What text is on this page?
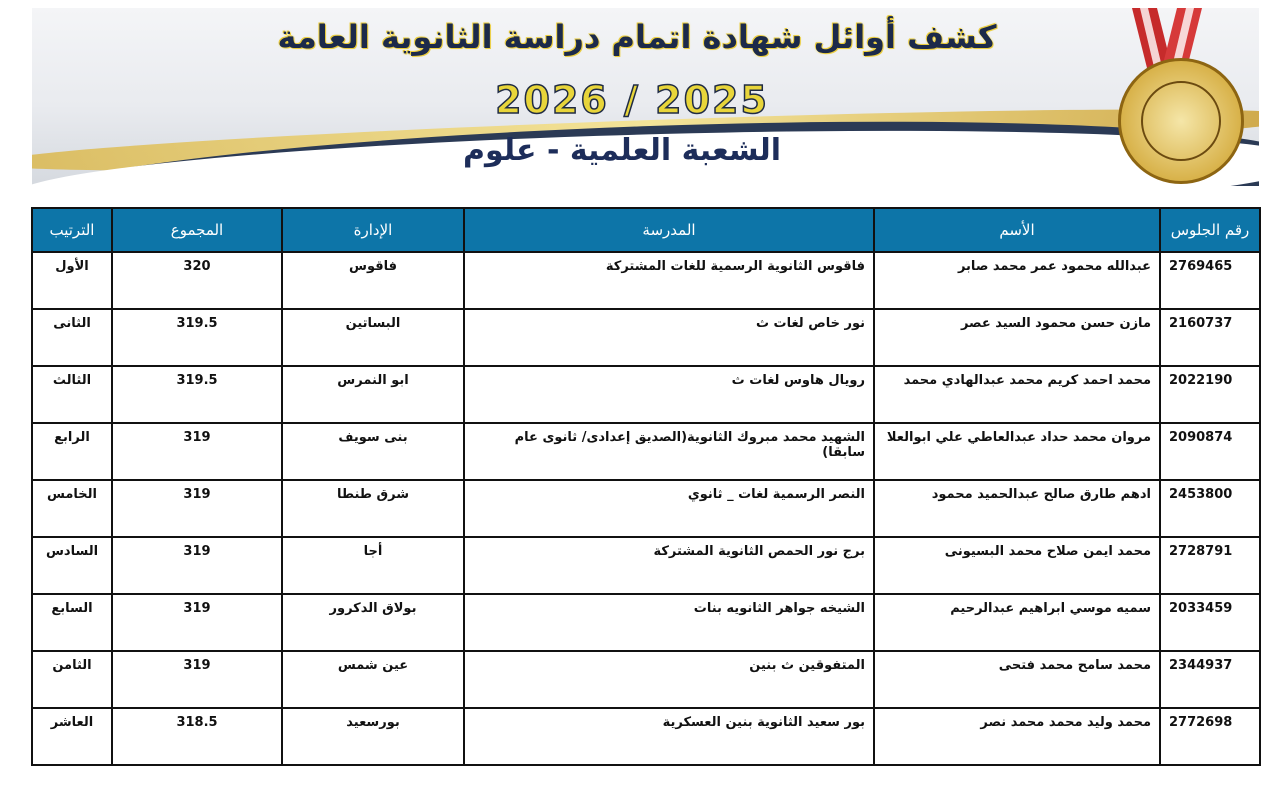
كشف أوائل شهادة اتمام دراسة الثانوية العامة
2026 / 2025
الشعبة العلمية - علوم
رقم الجلوس	الأسم	المدرسة	الإدارة	المجموع	الترتيب
2769465	عبدالله محمود عمر محمد صابر	فاقوس الثانوية الرسمية للغات المشتركة	فاقوس	320	الأول
2160737	مازن حسن محمود السيد عصر	نور خاص لغات ث	البساتين	319.5	الثانى
2022190	محمد احمد كريم محمد عبدالهادي محمد	رويال هاوس لغات ث	ابو النمرس	319.5	الثالث
2090874	مروان محمد حداد عبدالعاطي علي ابوالعلا	الشهيد محمد مبروك الثانوية(الصديق إعدادى/ ثانوى عام سابقا)	بنى سويف	319	الرابع
2453800	ادهم طارق صالح عبدالحميد محمود	النصر الرسمية لغات _ ثانوي	شرق طنطا	319	الخامس
2728791	محمد ايمن صلاح محمد البسيونى	برج نور الحمص الثانوية المشتركة	أجا	319	السادس
2033459	سميه موسي ابراهيم عبدالرحيم	الشيخه جواهر الثانويه بنات	بولاق الدكرور	319	السابع
2344937	محمد سامح محمد فتحى	المتفوقين ث بنين	عين شمس	319	الثامن
2772698	محمد وليد محمد محمد نصر	بور سعيد الثانوية بنين العسكرية	بورسعيد	318.5	العاشر
